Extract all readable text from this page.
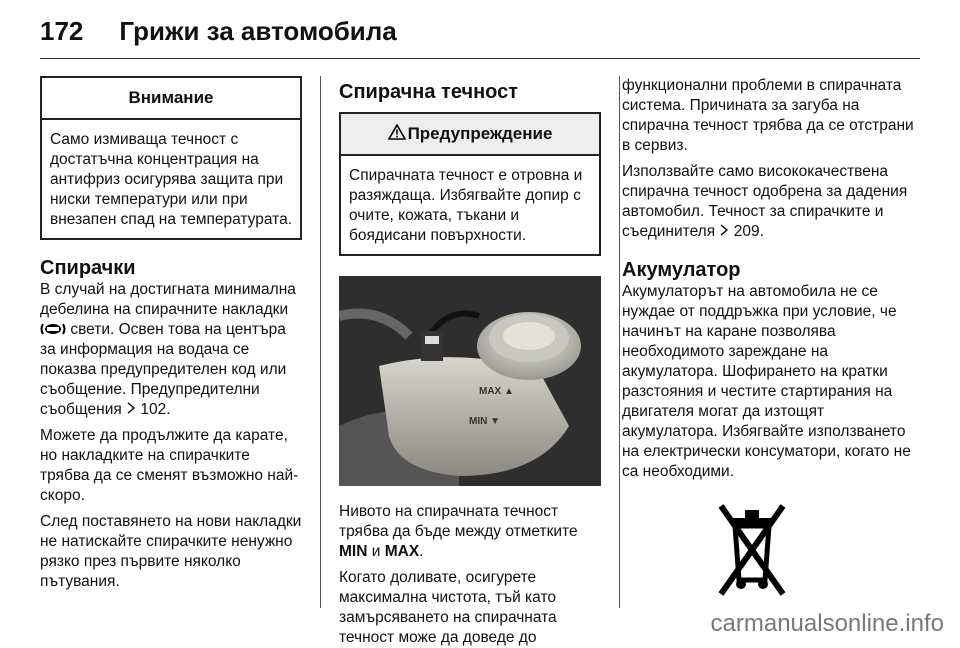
172 Грижи за автомобила
Внимание
Само измиваща течност с достатъчна концентрация на антифриз осигурява защита при ниски температури или при внезапен спад на температурата.
Спирачки

В случай на достигната минимална дебелина на спирачните накладки  свети. Освен това на центъра за информация на водача се показва предупредителен код или съобщение. Предупредителни съобщения 102.

Можете да продължите да карате, но накладките на спирачките трябва да се сменят възможно най-скоро.

След поставянето на нови накладки не натискайте спирачките ненужно рязко през първите няколко пътувания.

Спирачна течност
Предупреждение
Спирачната течност е отровна и разяждаща. Избягвайте допир с очите, кожата, тъкани и боядисани повърхности.
MAX ▲
MIN ▼

Нивото на спирачната течност трябва да бъде между отметките MIN и MAX.

Когато доливате, осигурете максимална чистота, тъй като замърсяването на спирачната течност може да доведе до

функционални проблеми в спирачната система. Причината за загуба на спирачна течност трябва да се отстрани в сервиз.

Използвайте само висококачествена спирачна течност одобрена за дадения автомобил. Течност за спирачките и съединителя 209.

Акумулатор

Акумулаторът на автомобила не се нуждае от поддръжка при условие, че начинът на каране позволява необходимото зареждане на акумулатора. Шофирането на кратки разстояния и честите стартирания на двигателя могат да изтощят акумулатора. Избягвайте използването на електрически консуматори, когато не са необходими.

carmanualsonline.info
